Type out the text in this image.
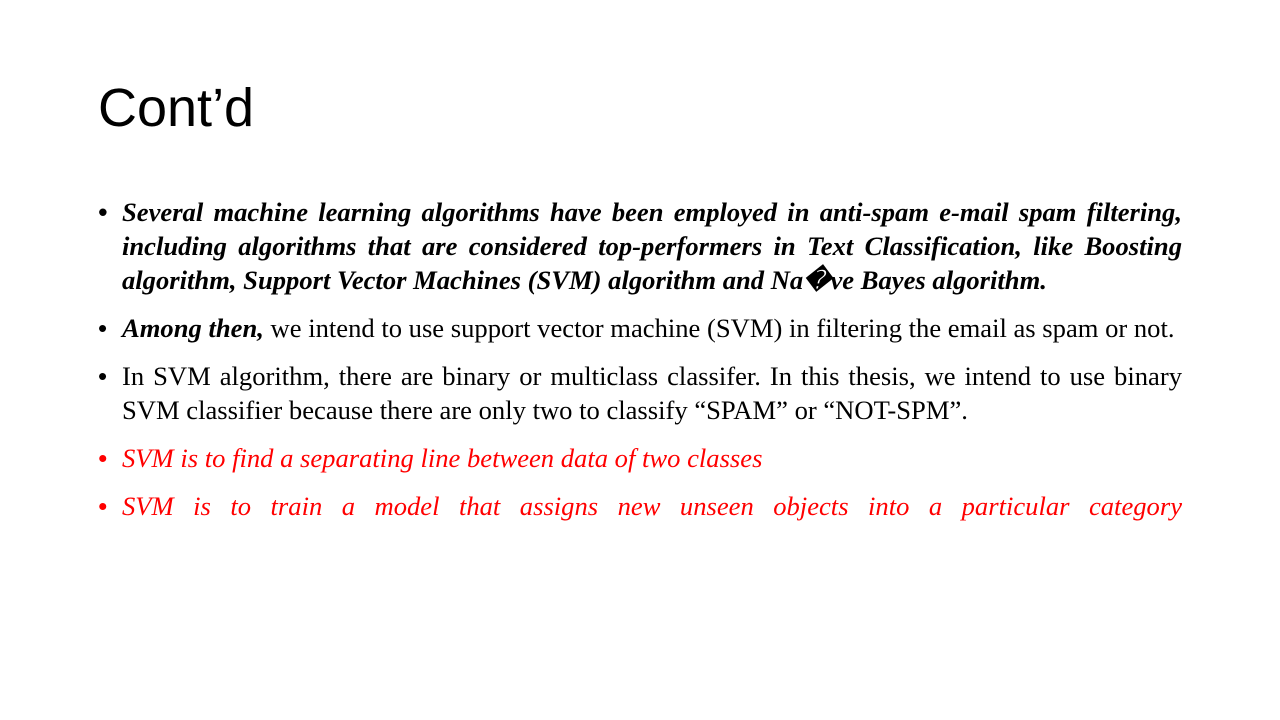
Cont’d
• Several machine learning algorithms have been employed in anti-spam e-mail spam filtering, including algorithms that are considered top-performers in Text Classification, like Boosting algorithm, Support Vector Machines (SVM) algorithm and Na�ve Bayes algorithm.
• Among then, we intend to use support vector machine (SVM) in filtering the email as spam or not.
• In SVM algorithm, there are binary or multiclass classifer. In this thesis, we intend to use binary SVM classifier because there are only two to classify “SPAM” or “NOT-SPM”.
• SVM is to find a separating line between data of two classes
• SVM is to train a model that assigns new unseen objects into a particular category
